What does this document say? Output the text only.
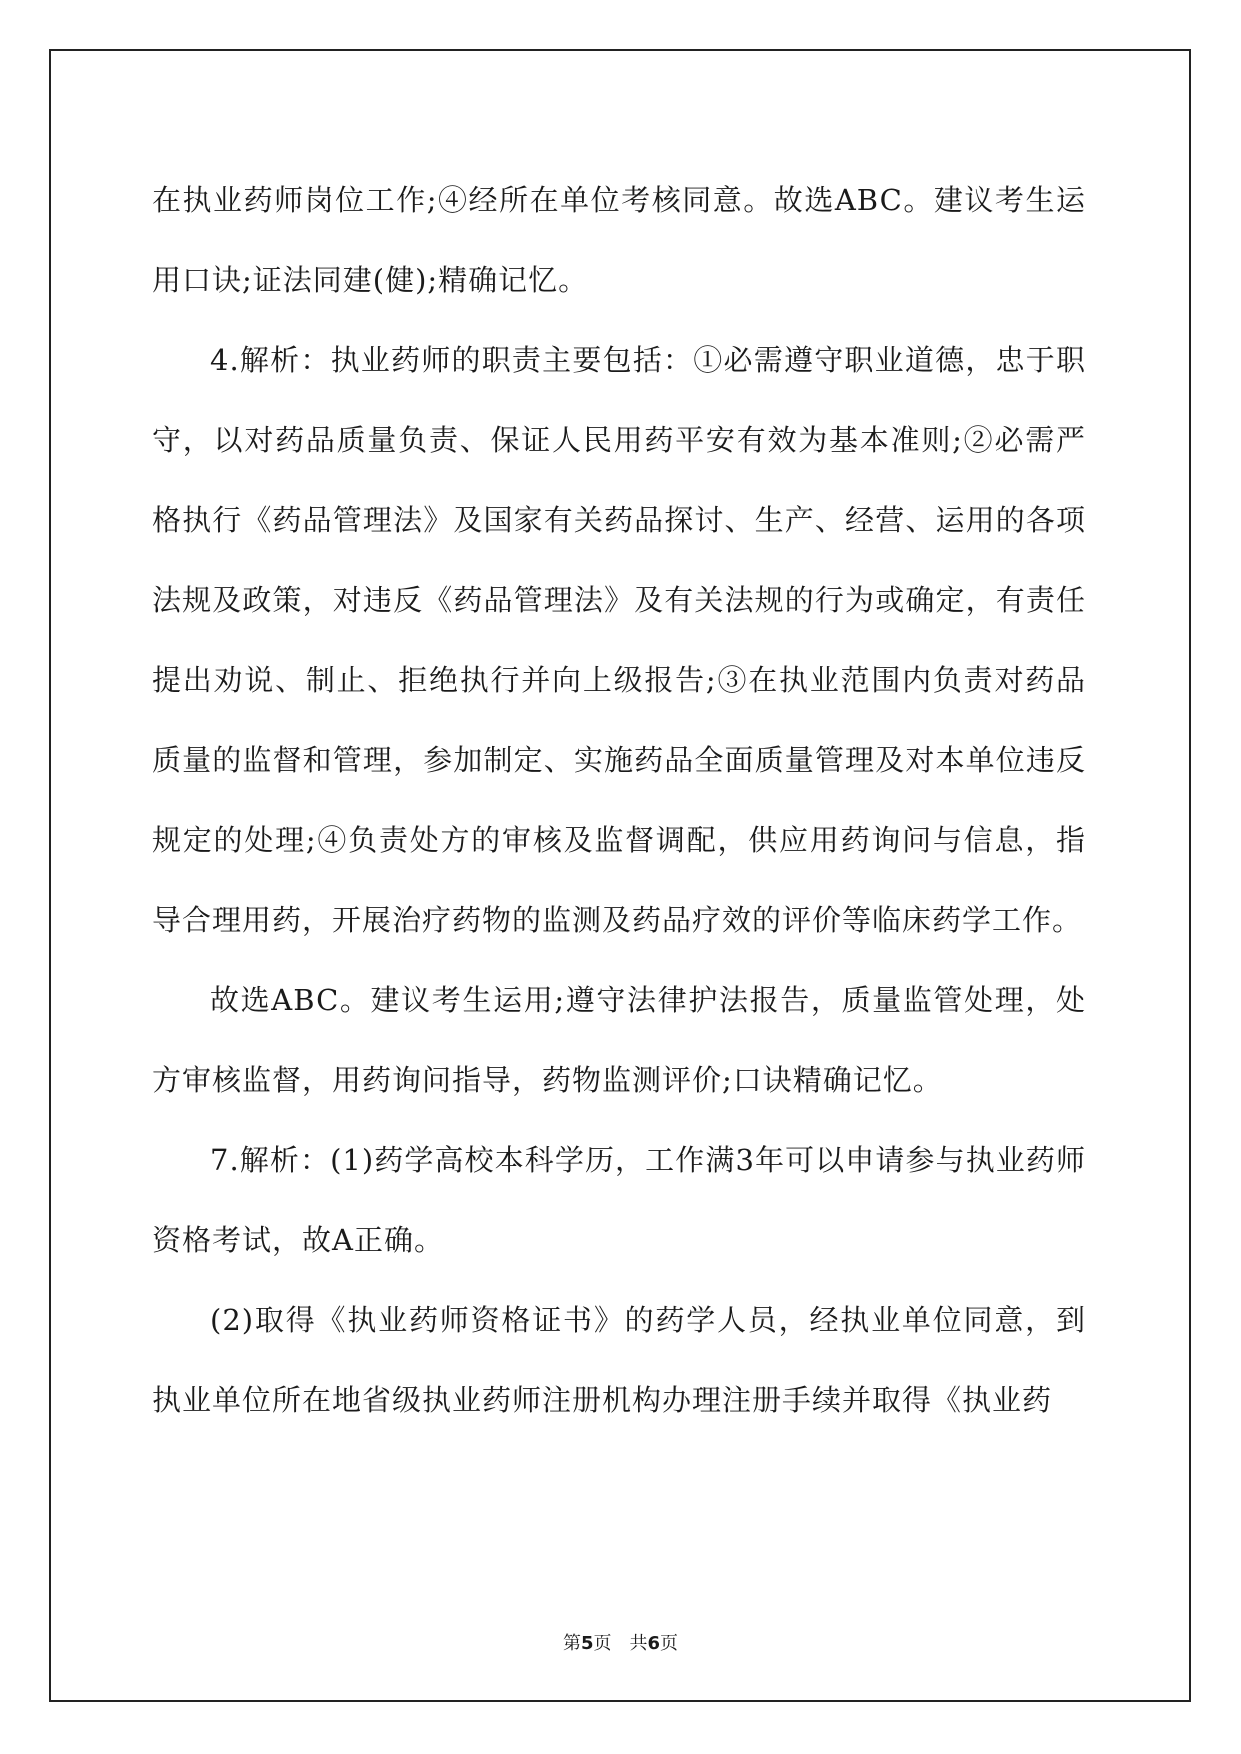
在执业药师岗位工作;④经所在单位考核同意。故选ABC。建议考生运用口诀;证法同建(健);精确记忆。

4.解析：执业药师的职责主要包括：①必需遵守职业道德，忠于职守，以对药品质量负责、保证人民用药平安有效为基本准则;②必需严格执行《药品管理法》及国家有关药品探讨、生产、经营、运用的各项法规及政策，对违反《药品管理法》及有关法规的行为或确定，有责任提出劝说、制止、拒绝执行并向上级报告;③在执业范围内负责对药品质量的监督和管理，参加制定、实施药品全面质量管理及对本单位违反规定的处理;④负责处方的审核及监督调配，供应用药询问与信息，指导合理用药，开展治疗药物的监测及药品疗效的评价等临床药学工作。

故选ABC。建议考生运用;遵守法律护法报告，质量监管处理，处方审核监督，用药询问指导，药物监测评价;口诀精确记忆。

7.解析：(1)药学高校本科学历，工作满3年可以申请参与执业药师资格考试，故A正确。

(2)取得《执业药师资格证书》的药学人员，经执业单位同意，到执业单位所在地省级执业药师注册机构办理注册手续并取得《执业药

第5页 共6页
